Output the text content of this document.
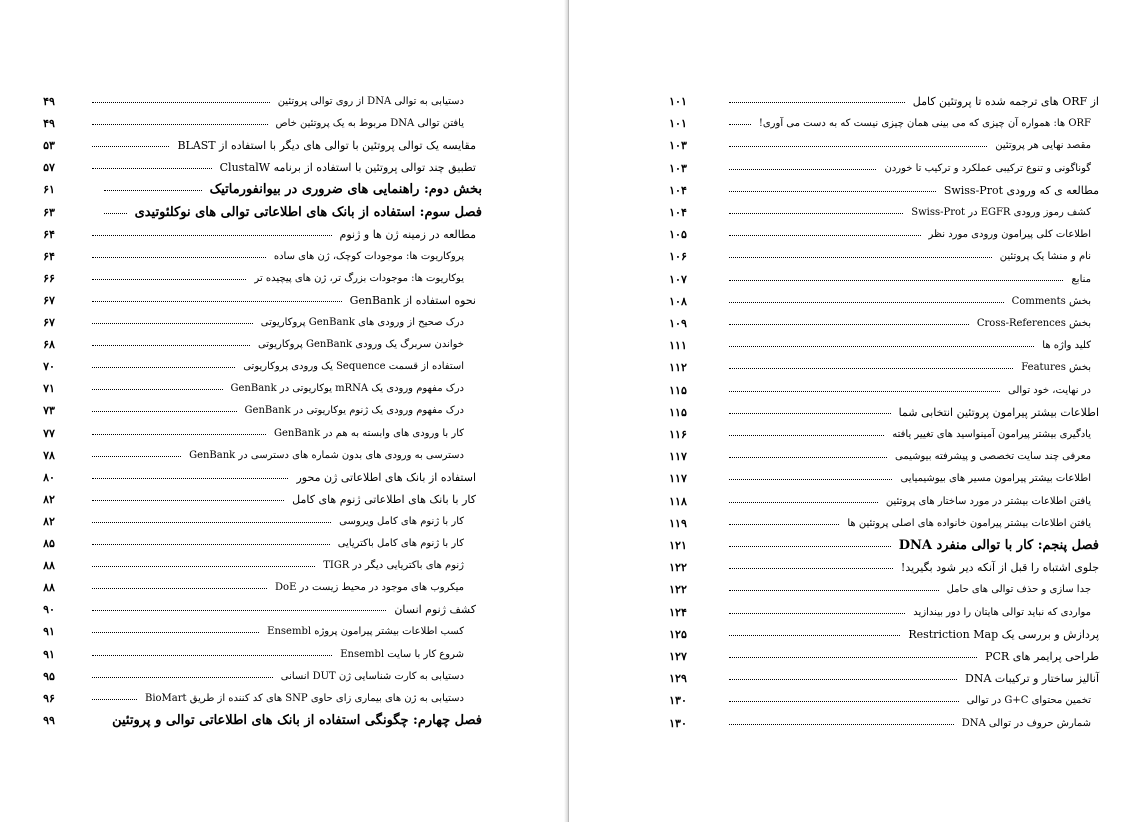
۴۹	دستیابی به توالی DNA از روی توالی پروتئین
۴۹	یافتن توالی DNA مربوط به یک پروتئین خاص
۵۳	مقایسه یک توالی پروتئین با توالی های دیگر با استفاده از BLAST
۵۷	تطبیق چند توالی پروتئین با استفاده از برنامه ClustalW
۶۱	بخش دوم: راهنمایی های ضروری در بیوانفورماتیک
۶۳	فصل سوم: استفاده از بانک های اطلاعاتی توالی های نوکلئوتیدی
۶۴	مطالعه در زمینه ژن ها و ژنوم
۶۴	پروکاریوت ها: موجودات کوچک، ژن های ساده
۶۶	یوکاریوت ها: موجودات بزرگ تر، ژن های پیچیده تر
۶۷	نحوه استفاده از GenBank
۶۷	درک صحیح از ورودی های GenBank پروکاریوتی
۶۸	خواندن سربرگ یک ورودی GenBank پروکاریوتی
۷۰	استفاده از قسمت Sequence یک ورودی پروکاریوتی
۷۱	درک مفهوم ورودی یک mRNA یوکاریوتی در GenBank
۷۳	درک مفهوم ورودی یک ژنوم یوکاریوتی در GenBank
۷۷	کار با ورودی های وابسته به هم در GenBank
۷۸	دسترسی به ورودی های بدون شماره های دسترسی در GenBank
۸۰	استفاده از بانک های اطلاعاتی ژن محور
۸۲	کار با بانک های اطلاعاتی ژنوم های کامل
۸۲	کار با ژنوم های کامل ویروسی
۸۵	کار با ژنوم های کامل باکتریایی
۸۸	ژنوم های باکتریایی دیگر در TIGR
۸۸	میکروب های موجود در محیط زیست در DoE
۹۰	کشف ژنوم انسان
۹۱	کسب اطلاعات بیشتر پیرامون پروژه Ensembl
۹۱	شروع کار با سایت Ensembl
۹۵	دستیابی به کارت شناسایی ژن DUT انسانی
۹۶	دستیابی به ژن های بیماری زای حاوی SNP های کد کننده از طریق BioMart
۹۹	فصل چهارم: چگونگی استفاده از بانک های اطلاعاتی توالی و پروتئین
۱۰۱	از ORF های ترجمه شده تا پروتئین کامل
۱۰۱	ORF ها: همواره آن چیزی که می بینی همان چیزی نیست که به دست می آوری!
۱۰۳	مقصد نهایی هر پروتئین
۱۰۳	گوناگونی و تنوع ترکیبی عملکرد و ترکیب تا خوردن
۱۰۴	مطالعه ی که ورودی Swiss-Prot
۱۰۴	کشف رموز ورودی EGFR در Swiss-Prot
۱۰۵	اطلاعات کلی پیرامون ورودی مورد نظر
۱۰۶	نام و منشا یک پروتئین
۱۰۷	منابع
۱۰۸	بخش Comments
۱۰۹	بخش Cross-References
۱۱۱	کلید واژه ها
۱۱۲	بخش Features
۱۱۵	در نهایت، خود توالی
۱۱۵	اطلاعات بیشتر پیرامون پروتئین انتخابی شما
۱۱۶	یادگیری بیشتر پیرامون آمینواسید های تغییر یافته
۱۱۷	معرفی چند سایت تخصصی و پیشرفته بیوشیمی
۱۱۷	اطلاعات بیشتر پیرامون مسیر های بیوشیمیایی
۱۱۸	یافتن اطلاعات بیشتر در مورد ساختار های پروتئین
۱۱۹	یافتن اطلاعات بیشتر پیرامون خانواده های اصلی پروتئین ها
۱۲۱	فصل پنجم: کار با توالی منفرد DNA
۱۲۲	جلوی اشتباه را قبل از آنکه دیر شود بگیرید!
۱۲۲	جدا سازی و حذف توالی های حامل
۱۲۴	مواردی که نباید توالی هایتان را دور بیندازید
۱۲۵	پردازش و بررسی یک Restriction Map
۱۲۷	طراحی پرایمر های PCR
۱۲۹	آنالیز ساختار و ترکیبات DNA
۱۳۰	تخمین محتوای G+C در توالی
۱۳۰	شمارش حروف در توالی DNA
